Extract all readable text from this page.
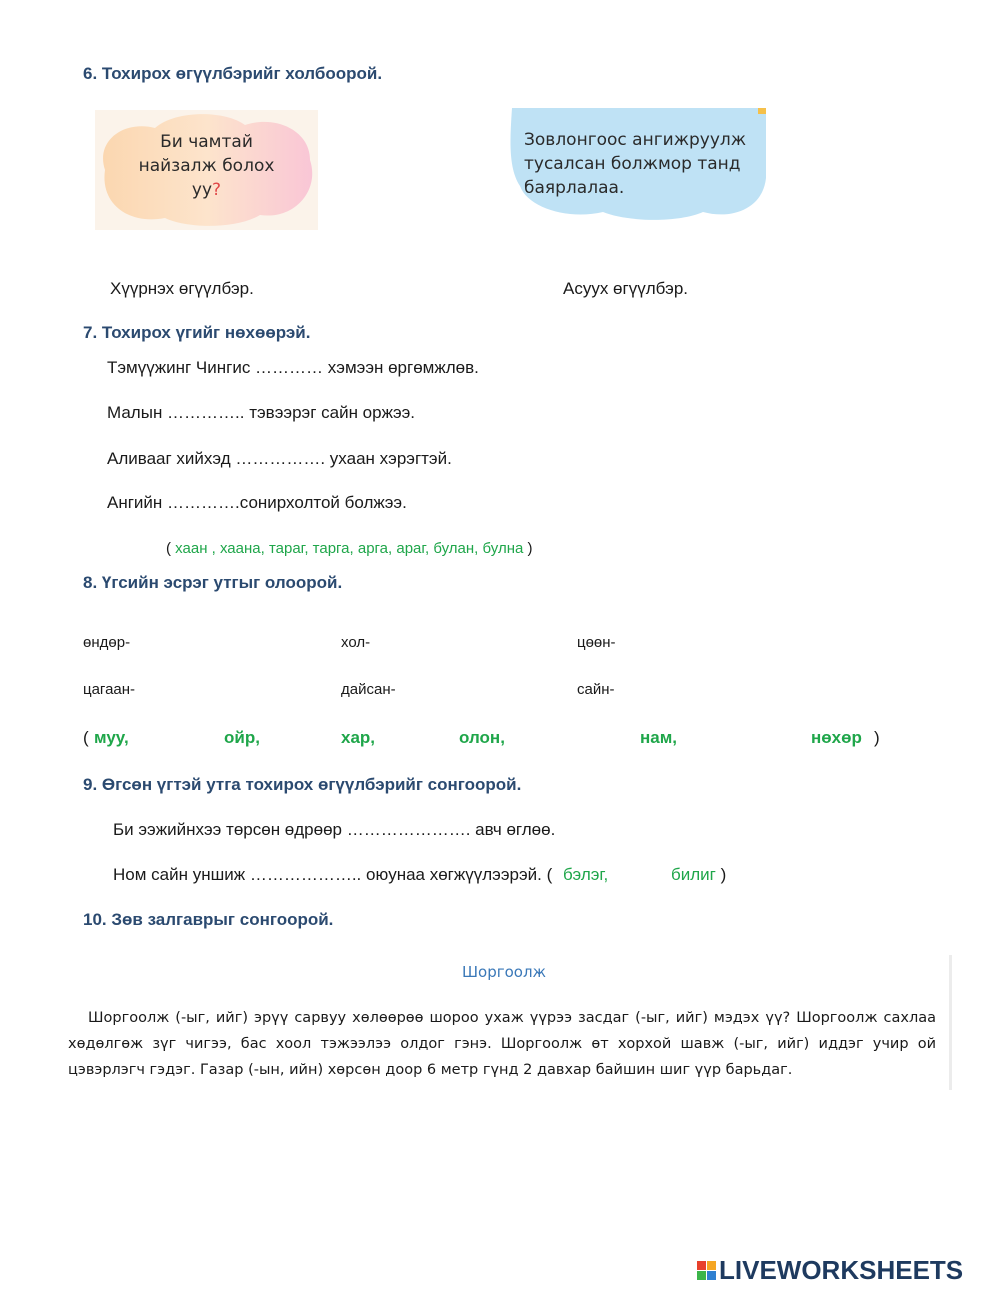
6. Тохирох өгүүлбэрийг холбоорой.
Би чамтай
найзалж болох
уу?
Зовлонгоос ангижруулж
тусалсан болжмор танд
баярлалаа.
Хүүрнэх өгүүлбэр.	Асуух өгүүлбэр.
7. Тохирох үгийг нөхөөрэй.
Тэмүүжинг Чингис ………… хэмээн өргөмжлөв.
Малын ………….. тэвээрэг сайн оржээ.
Аливааг хийхэд ……………. ухаан хэрэгтэй.
Ангийн ………….сонирхолтой болжээ.
( хаан , хаана, тараг, тарга, арга, араг, булан, булна )
8. Үгсийн эсрэг утгыг олоорой.
өндөр-	хол-	цөөн-
цагаан-	дайсан-	сайн-
( муу,	ойр,	хар,	олон,	нам,	нөхөр )
9. Өгсөн үгтэй утга тохирох өгүүлбэрийг сонгоорой.
Би ээжийнхээ төрсөн өдрөөр …………………. авч өглөө.
Ном сайн уншиж ……………….. оюунаа хөгжүүлээрэй. ( бэлэг,	билиг )
10. Зөв залгаврыг сонгоорой.
Шоргоолж
Шоргоолж (-ыг, ийг) эрүү сарвуу хөлөөрөө шороо ухаж үүрээ засдаг (-ыг, ийг) мэдэх үү? Шоргоолж сахлаа хөдөлгөж зүг чигээ, бас хоол тэжээлээ олдог гэнэ. Шоргоолж өт хорхой шавж (-ыг, ийг) иддэг учир ой цэвэрлэгч гэдэг. Газар (-ын, ийн) хөрсөн доор 6 метр гүнд 2 давхар байшин шиг үүр барьдаг.
LIVEWORKSHEETS
